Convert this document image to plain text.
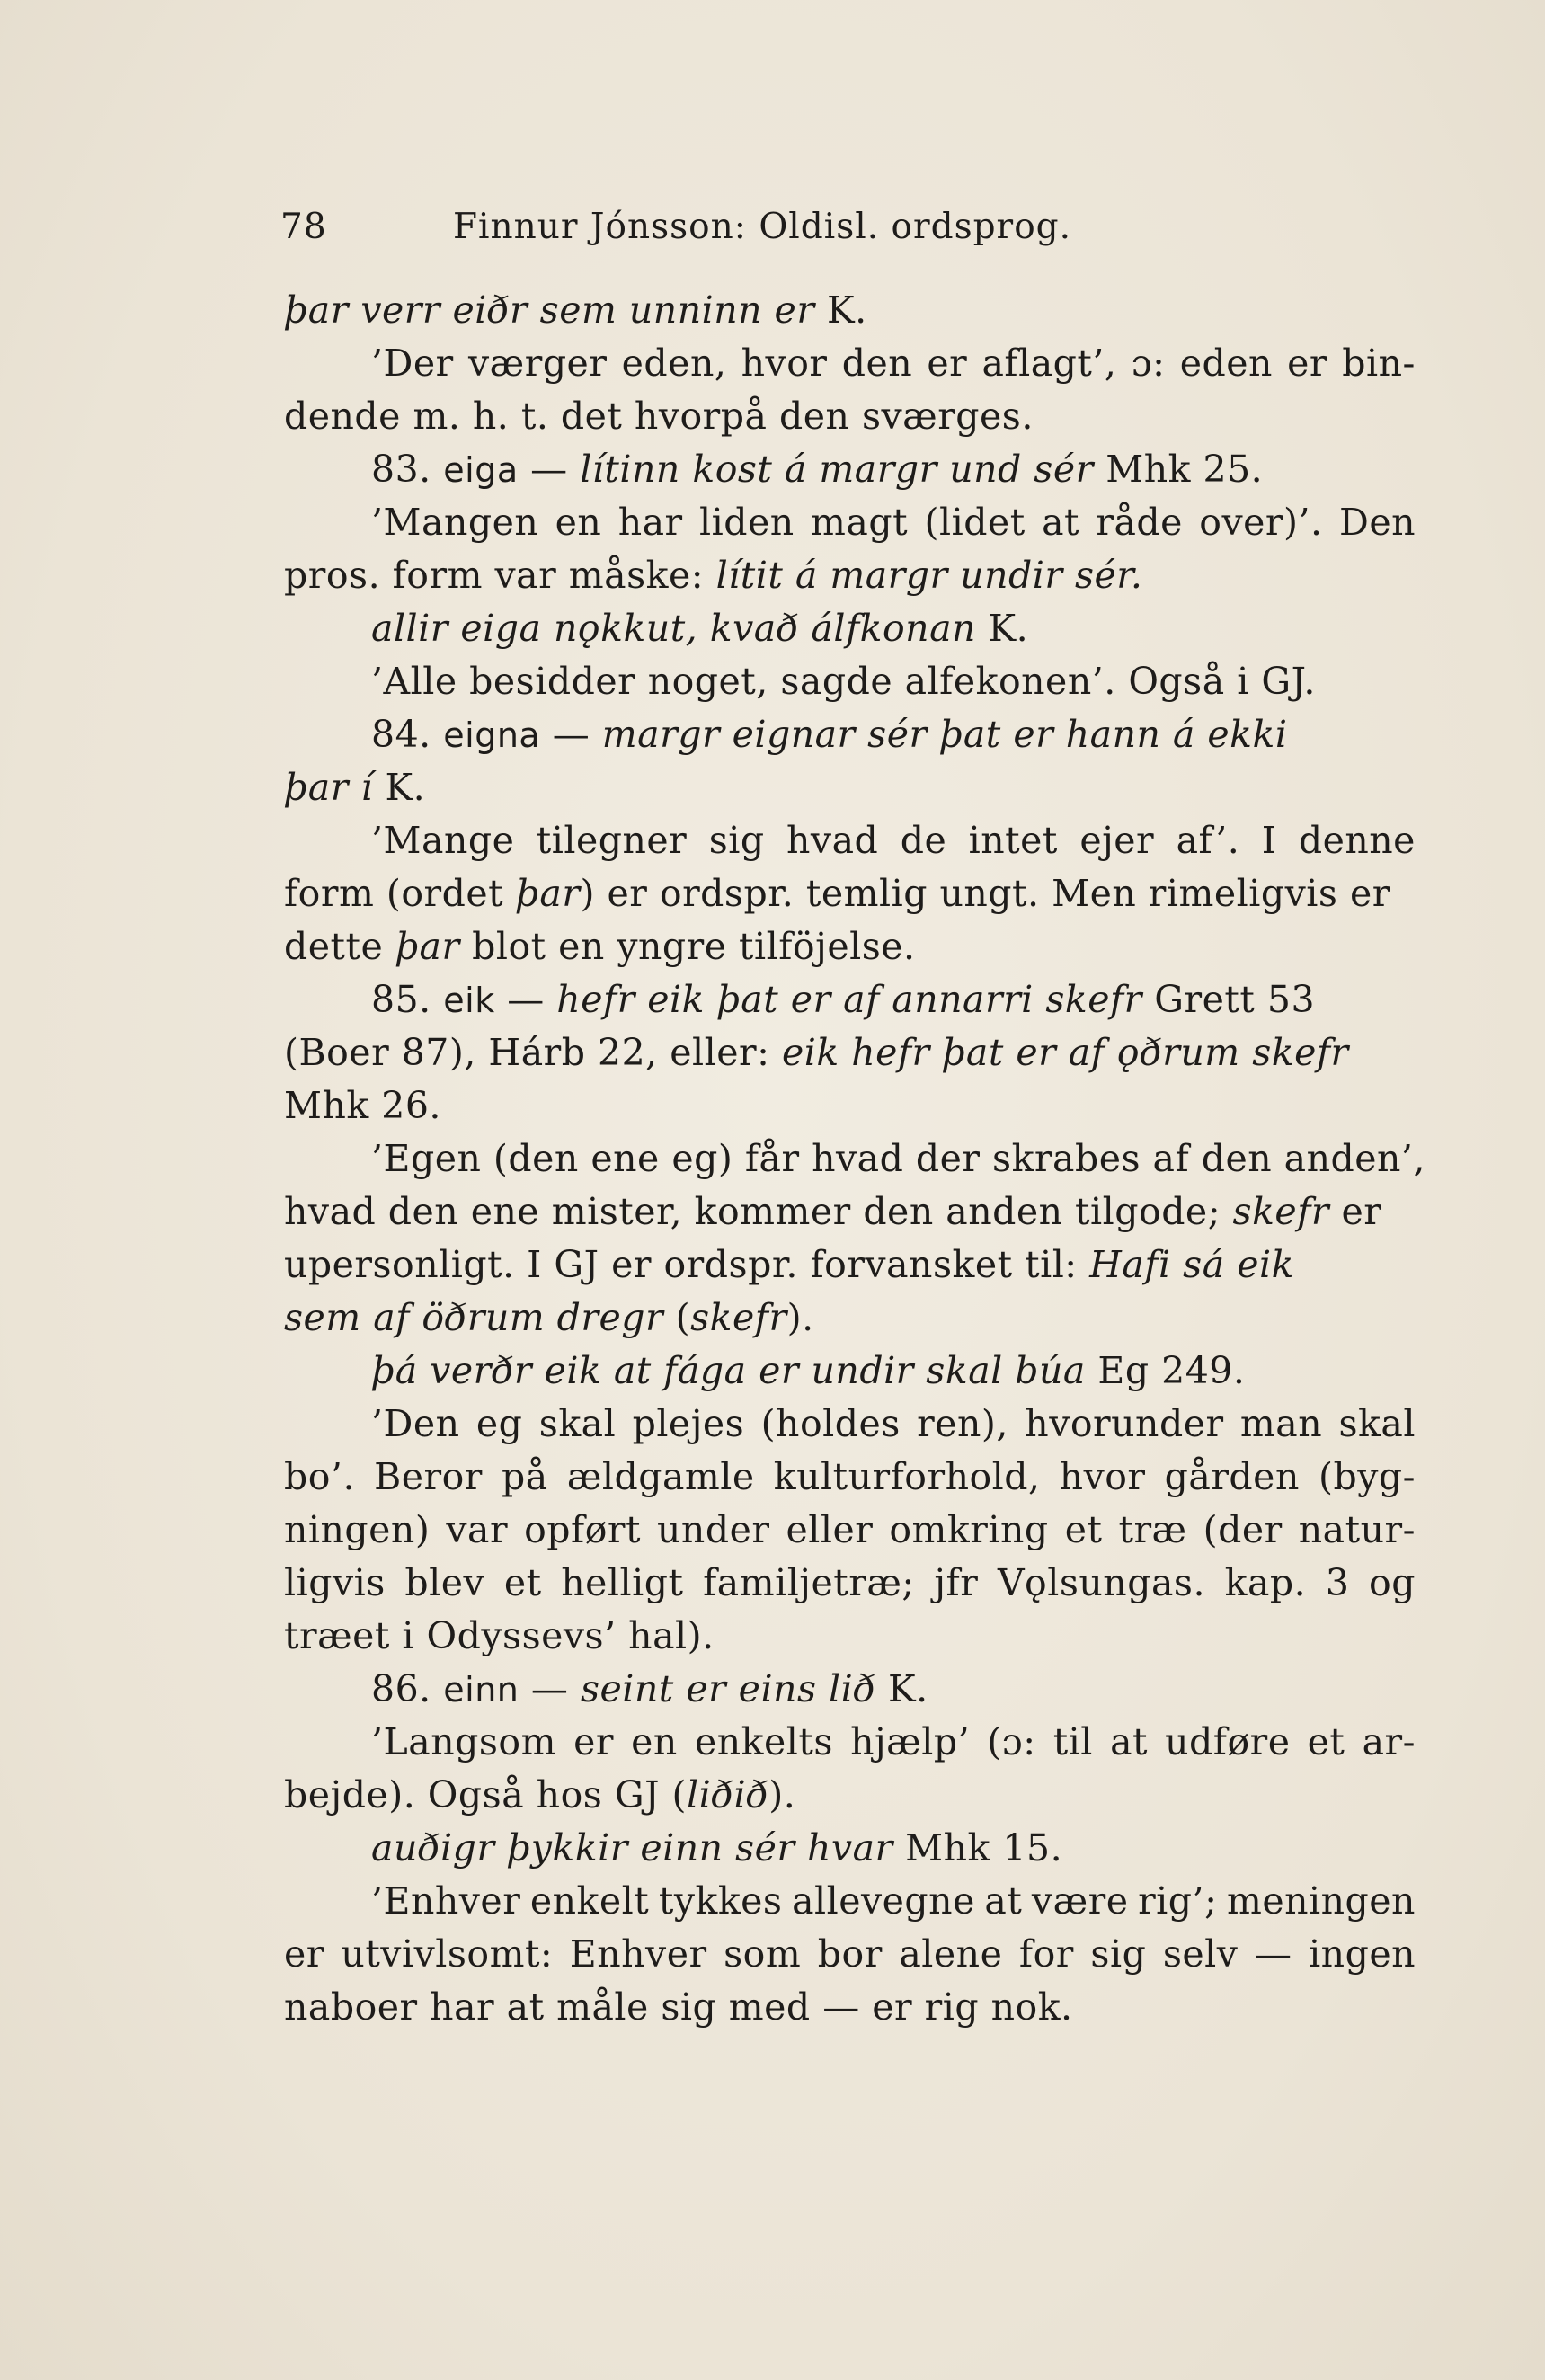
78	Finnur Jónsson: Oldisl. ordsprog.
þar verr eiðr sem unninn er K.
’Der værger eden, hvor den er aflagt’, ɔ: eden er bin-
dende m. h. t. det hvorpå den sværges.
83. eiga — lítinn kost á margr und sér Mhk 25.
’Mangen en har liden magt (lidet at råde over)’. Den
pros. form var måske: lítit á margr undir sér.
allir eiga nǫkkut, kvað álfkonan K.
’Alle besidder noget, sagde alfekonen’. Også i GJ.
84. eigna — margr eignar sér þat er hann á ekki
þar í K.
’Mange tilegner sig hvad de intet ejer af’. I denne
form (ordet þar) er ordspr. temlig ungt. Men rimeligvis er
dette þar blot en yngre tilföjelse.
85. eik — hefr eik þat er af annarri skefr Grett 53
(Boer 87), Hárb 22, eller: eik hefr þat er af ǫðrum skefr
Mhk 26.
’Egen (den ene eg) får hvad der skrabes af den anden’,
hvad den ene mister, kommer den anden tilgode; skefr er
upersonligt. I GJ er ordspr. forvansket til: Hafi sá eik
sem af öðrum dregr (skefr).
þá verðr eik at fága er undir skal búa Eg 249.
’Den eg skal plejes (holdes ren), hvorunder man skal
bo’. Beror på ældgamle kulturforhold, hvor gården (byg-
ningen) var opført under eller omkring et træ (der natur-
ligvis blev et helligt familjetræ; jfr Vǫlsungas. kap. 3 og
træet i Odyssevs’ hal).
86. einn — seint er eins lið K.
’Langsom er en enkelts hjælp’ (ɔ: til at udføre et ar-
bejde). Også hos GJ (liðið).
auðigr þykkir einn sér hvar Mhk 15.
’Enhver enkelt tykkes allevegne at være rig’; meningen
er utvivlsomt: Enhver som bor alene for sig selv — ingen
naboer har at måle sig med — er rig nok.
